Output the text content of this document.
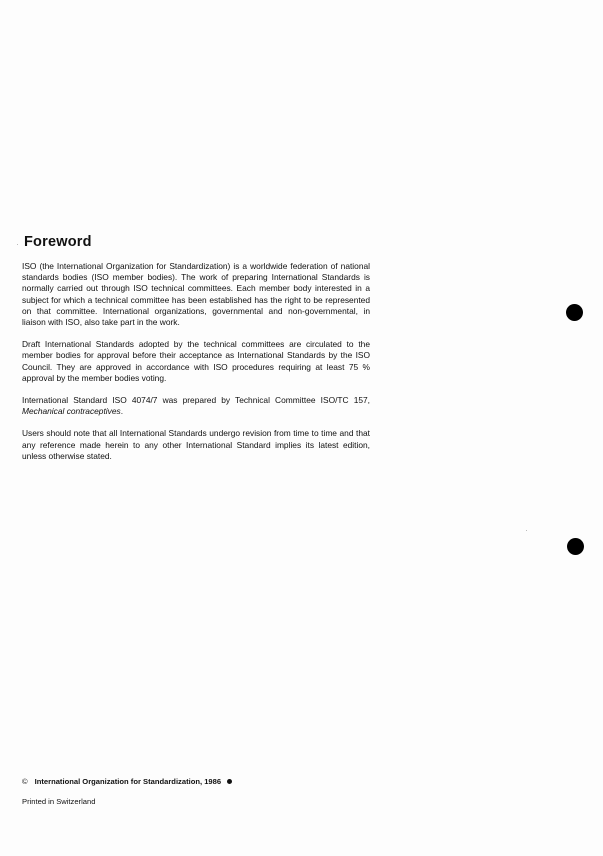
Foreword

ISO (the International Organization for Standardization) is a worldwide federation of national standards bodies (ISO member bodies). The work of preparing International Standards is normally carried out through ISO technical committees. Each member body interested in a subject for which a technical committee has been established has the right to be represented on that committee. International organizations, governmental and non-governmental, in liaison with ISO, also take part in the work.

Draft International Standards adopted by the technical committees are circulated to the member bodies for approval before their acceptance as International Standards by the ISO Council. They are approved in accordance with ISO procedures requiring at least 75 % approval by the member bodies voting.

International Standard ISO 4074/7 was prepared by Technical Committee ISO/TC 157, Mechanical contraceptives.

Users should note that all International Standards undergo revision from time to time and that any reference made herein to any other International Standard implies its latest edition, unless otherwise stated.

© International Organization for Standardization, 1986
Printed in Switzerland
